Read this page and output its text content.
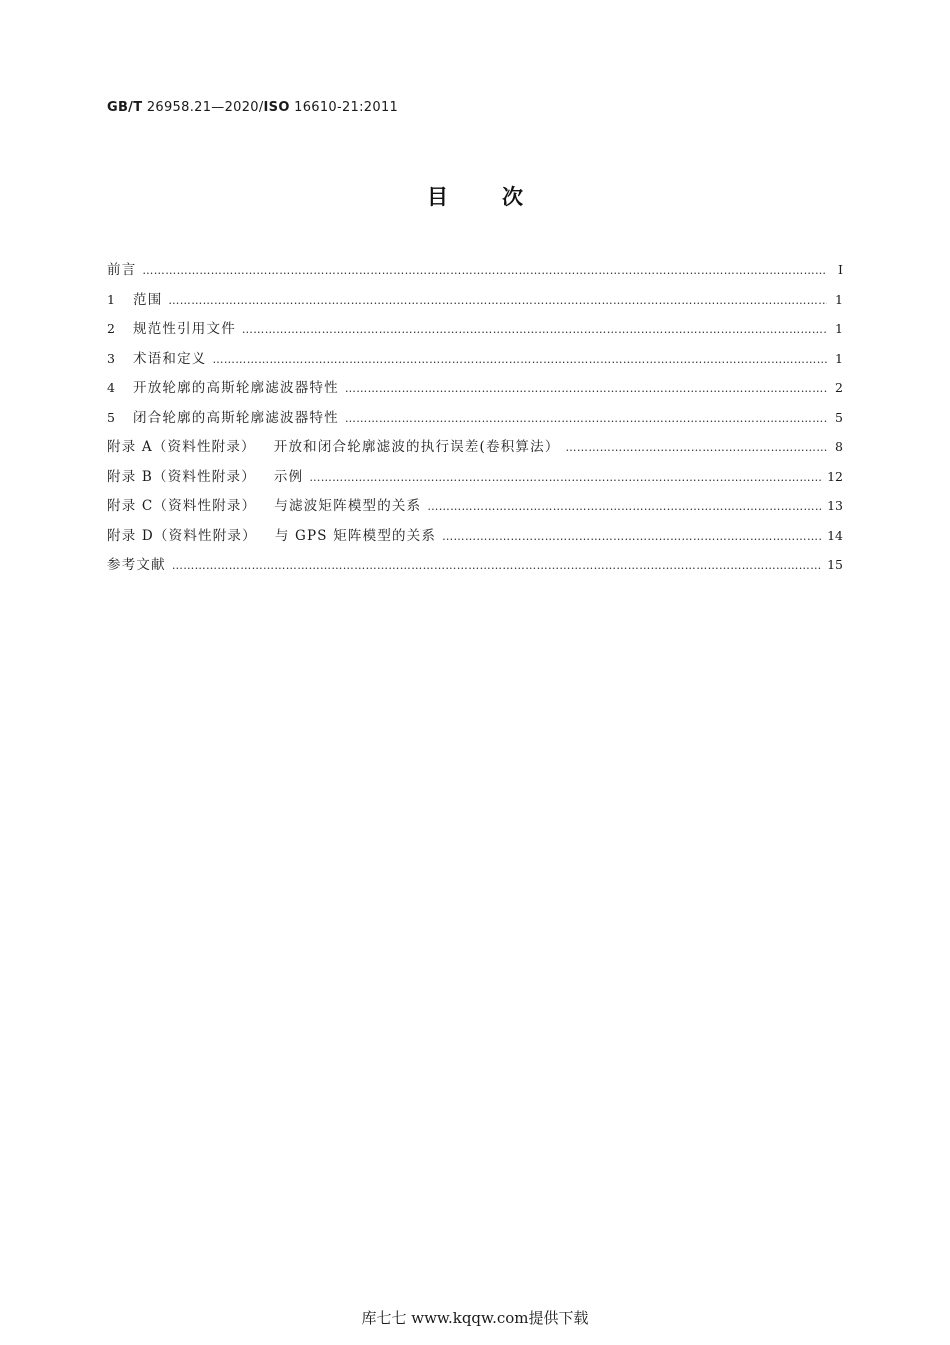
GB/T 26958.21—2020/ISO 16610-21:2011
目次
前言 ……………………………………………………………………………………………………………………………………………………………………………………	Ⅰ
1 范围 ……………………………………………………………………………………………………………………………………………………………………………………	1
2 规范性引用文件 ……………………………………………………………………………………………………………………………………………………………………………………	1
3 术语和定义 ……………………………………………………………………………………………………………………………………………………………………………………	1
4 开放轮廓的高斯轮廓滤波器特性 ……………………………………………………………………………………………………………………………………………………………………………………	2
5 闭合轮廓的高斯轮廓滤波器特性 ……………………………………………………………………………………………………………………………………………………………………………………	5
附录 A（资料性附录） 开放和闭合轮廓滤波的执行误差(卷积算法） ……………………………………………………………………………………………………………………………………………………………………………………	8
附录 B（资料性附录） 示例 ……………………………………………………………………………………………………………………………………………………………………………………	12
附录 C（资料性附录） 与滤波矩阵模型的关系 ……………………………………………………………………………………………………………………………………………………………………………………	13
附录 D（资料性附录） 与 GPS 矩阵模型的关系 ……………………………………………………………………………………………………………………………………………………………………………………	14
参考文献 ……………………………………………………………………………………………………………………………………………………………………………………	15
库七七 www.kqqw.com提供下载
